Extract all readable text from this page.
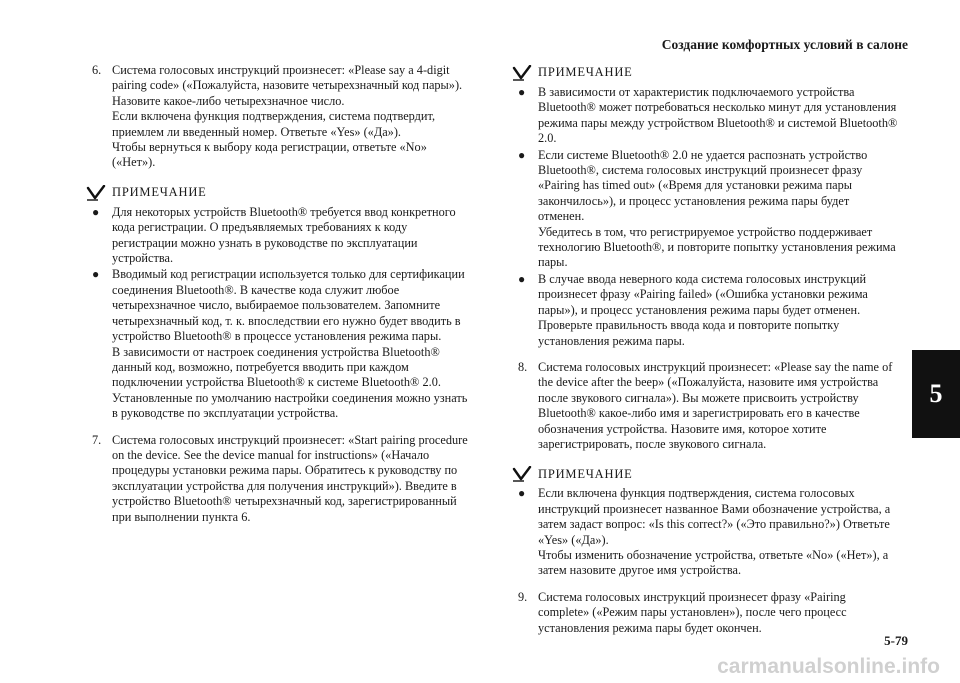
Создание комфортных условий в салоне
6. Система голосовых инструкций произнесет: «Please say a 4-digit pairing code» («Пожалуйста, назовите четырехзначный код пары»). Назовите какое-либо четырехзначное число.
Если включена функция подтверждения, система подтвердит, приемлем ли введенный номер. Ответьте «Yes» («Да»).
Чтобы вернуться к выбору кода регистрации, ответьте «No» («Нет»).
ПРИМЕЧАНИЕ
●	Для некоторых устройств Bluetooth® требуется ввод конкретного кода регистрации. О предъявляемых требованиях к коду регистрации можно узнать в руководстве по эксплуатации устройства.
●	Вводимый код регистрации используется только для сертификации соединения Bluetooth®. В качестве кода служит любое четырехзначное число, выбираемое пользователем. Запомните четырехзначный код, т. к. впоследствии его нужно будет вводить в устройство Bluetooth® в процессе установления режима пары.
В зависимости от настроек соединения устройства Bluetooth® данный код, возможно, потребуется вводить при каждом подключении устройства Bluetooth® к системе Bluetooth® 2.0. Установленные по умолчанию настройки соединения можно узнать в руководстве по эксплуатации устройства.
7. Система голосовых инструкций произнесет: «Start pairing procedure on the device. See the device manual for instructions» («Начало процедуры установки режима пары. Обратитесь к руководству по эксплуатации устройства для получения инструкций»). Введите в устройство Bluetooth® четырехзначный код, зарегистрированный при выполнении пункта 6.
ПРИМЕЧАНИЕ
●	В зависимости от характеристик подключаемого устройства Bluetooth® может потребоваться несколько минут для установления режима пары между устройством Bluetooth® и системой Bluetooth® 2.0.
●	Если системе Bluetooth® 2.0 не удается распознать устройство Bluetooth®, система голосовых инструкций произнесет фразу «Pairing has timed out» («Время для установки режима пары закончилось»), и процесс установления режима пары будет отменен.
Убедитесь в том, что регистрируемое устройство поддерживает технологию Bluetooth®, и повторите попытку установления режима пары.
●	В случае ввода неверного кода система голосовых инструкций произнесет фразу «Pairing failed» («Ошибка установки режима пары»), и процесс установления режима пары будет отменен. Проверьте правильность ввода кода и повторите попытку установления режима пары.
8. Система голосовых инструкций произнесет: «Please say the name of the device after the beep» («Пожалуйста, назовите имя устройства после звукового сигнала»). Вы можете присвоить устройству Bluetooth® какое-либо имя и зарегистрировать его в качестве обозначения устройства. Назовите имя, которое хотите зарегистрировать, после звукового сигнала.
ПРИМЕЧАНИЕ
●	Если включена функция подтверждения, система голосовых инструкций произнесет названное Вами обозначение устройства, а затем задаст вопрос: «Is this correct?» («Это правильно?») Ответьте «Yes» («Да»).
Чтобы изменить обозначение устройства, ответьте «No» («Нет»), а затем назовите другое имя устройства.
9. Система голосовых инструкций произнесет фразу «Pairing complete» («Режим пары установлен»), после чего процесс установления режима пары будет окончен.
5
5-79
carmanualsonline.info
